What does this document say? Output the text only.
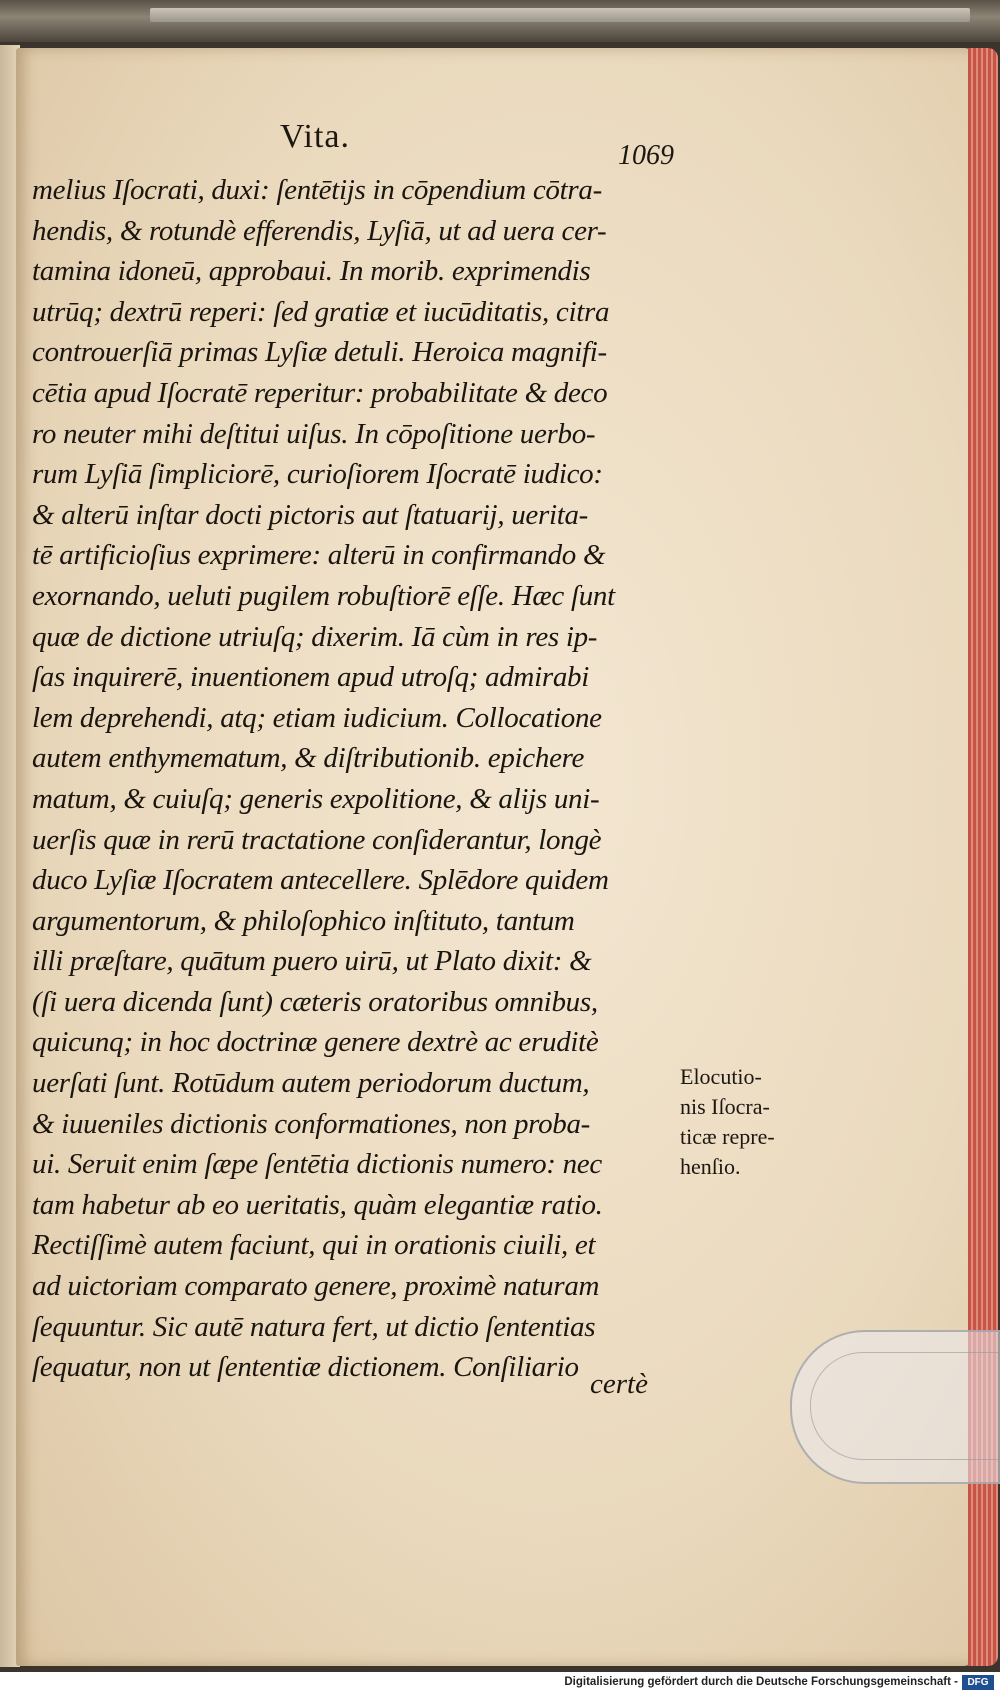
Vita.
1069
melius Iſocrati, duxi: ſentētijs in cōpendium cōtra-
hendis, & rotundè efferendis, Lyſiā, ut ad uera cer-
tamina idoneū, approbaui. In morib. exprimendis
utrūq; dextrū reperi: ſed gratiæ et iucūditatis, citra
controuerſiā primas Lyſiæ detuli. Heroica magnifi-
cētia apud Iſocratē reperitur: probabilitate & deco
ro neuter mihi deſtitui uiſus. In cōpoſitione uerbo-
rum Lyſiā ſimpliciorē, curioſiorem Iſocratē iudico:
& alterū inſtar docti pictoris aut ſtatuarij, uerita-
tē artificioſius exprimere: alterū in confirmando &
exornando, ueluti pugilem robuſtiorē eſſe. Hæc ſunt
quæ de dictione utriuſq; dixerim. Iā cùm in res ip-
ſas inquirerē, inuentionem apud utroſq; admirabi
lem deprehendi, atq; etiam iudicium. Collocatione
autem enthymematum, & diſtributionib. epichere
matum, & cuiuſq; generis expolitione, & alijs uni-
uerſis quæ in rerū tractatione conſiderantur, longè
duco Lyſiæ Iſocratem antecellere. Splēdore quidem
argumentorum, & philoſophico inſtituto, tantum
illi præſtare, quātum puero uirū, ut Plato dixit: &
(ſi uera dicenda ſunt) cæteris oratoribus omnibus,
quicunq; in hoc doctrinæ genere dextrè ac eruditè
uerſati ſunt. Rotūdum autem periodorum ductum,
& iuueniles dictionis conformationes, non proba-
ui. Seruit enim ſæpe ſentētia dictionis numero: nec
tam habetur ab eo ueritatis, quàm elegantiæ ratio.
Rectiſſimè autem faciunt, qui in orationis ciuili, et
ad uictoriam comparato genere, proximè naturam
ſequuntur. Sic autē natura fert, ut dictio ſententias
ſequatur, non ut ſententiæ dictionem. Conſiliario
certè
Elocutio-
nis Iſocra-
ticæ repre-
henſio.
Digitalisierung gefördert durch die Deutsche Forschungsgemeinschaft - DFG
